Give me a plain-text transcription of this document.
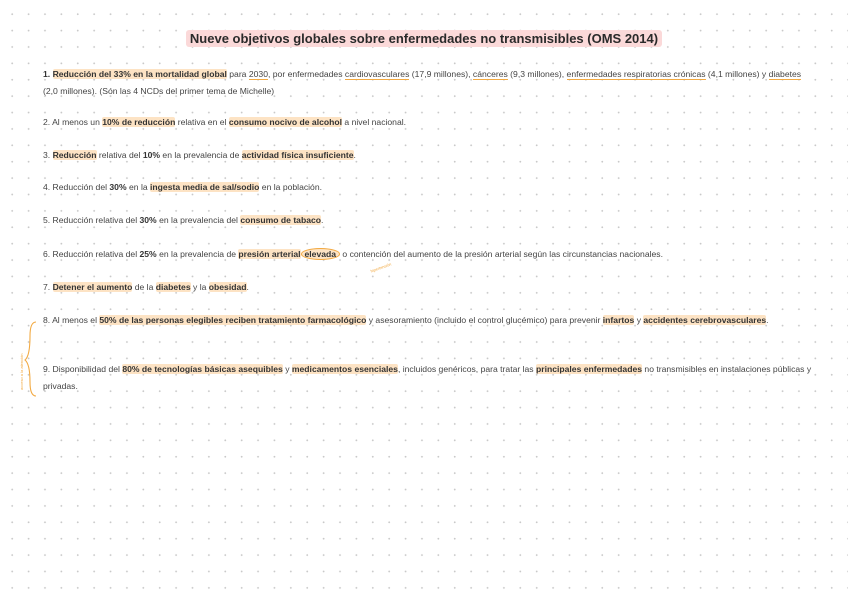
Nueve objetivos globales sobre enfermedades no transmisibles (OMS 2014)

1. Reducción del 33% en la mortalidad global para 2030, por enfermedades cardiovasculares (17,9 millones), cánceres (9,3 millones), enfermedades respiratorias crónicas (4,1 millones) y diabetes (2,0 millones). (Són las 4 NCDs del primer tema de Michelle)

2. Al menos un 10% de reducción relativa en el consumo nocivo de alcohol a nivel nacional.

3. Reducción relativa del 10% en la prevalencia de actividad física insuficiente.

4. Reducción del 30% en la ingesta media de sal/sodio en la población.

5. Reducción relativa del 30% en la prevalencia del consumo de tabaco.

6. Reducción relativa del 25% en la prevalencia de presión arterial elevada o contención del aumento de la presión arterial según las circunstancias nacionales.

hipertensión

7. Detener el aumento de la diabetes y la obesidad.

8. Al menos el 50% de las personas elegibles reciben tratamiento farmacológico y asesoramiento (incluido el control glucémico) para prevenir infartos y accidentes cerebrovasculares.

9. Disponibilidad del 80% de tecnologías básicas asequibles y medicamentos esenciales, incluidos genéricos, para tratar las principales enfermedades no transmisibles en instalaciones públicas y privadas.

acceso a la atención
